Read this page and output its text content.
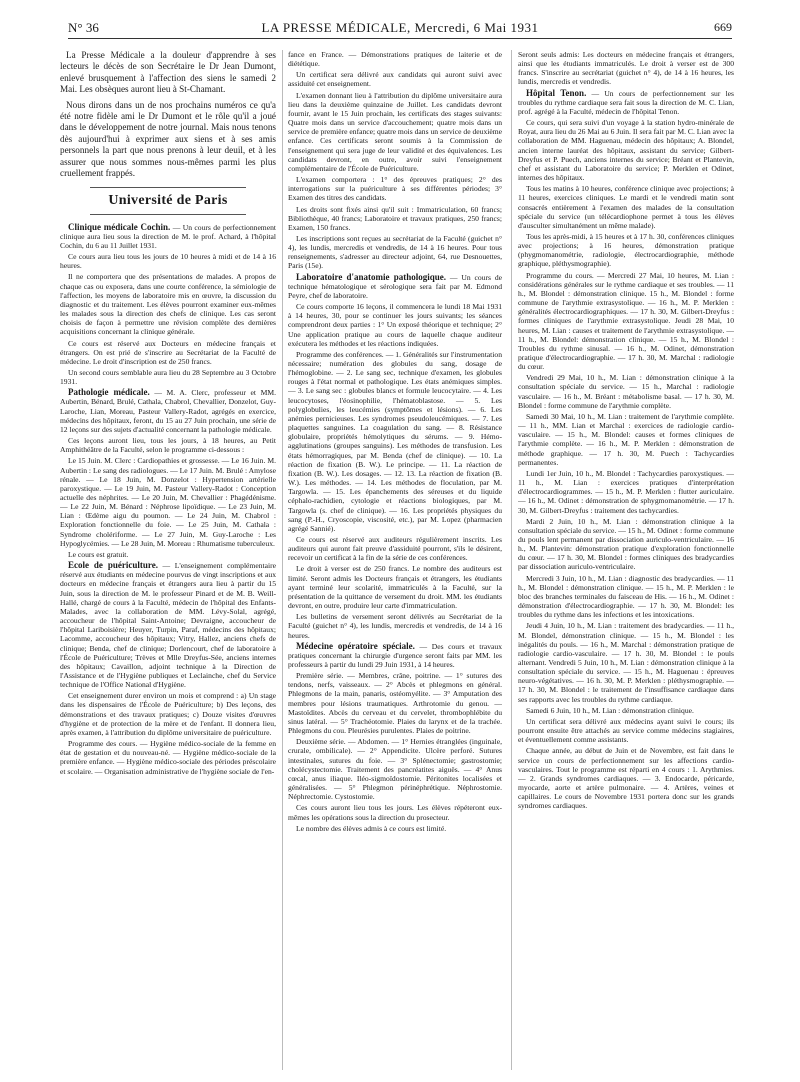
N° 36	LA PRESSE MÉDICALE, Mercredi, 6 Mai 1931	669

La Presse Médicale a la douleur d'apprendre à ses lecteurs le décès de son Secrétaire le Dr Jean Dumont, enlevé brusquement à l'affection des siens le samedi 2 Mai. Les obsèques auront lieu à St-Chamant.

Nous dirons dans un de nos prochains numéros ce qu'a été notre fidèle ami le Dr Dumont et le rôle qu'il a joué dans le développement de notre journal. Mais nous tenons dès aujourd'hui à exprimer aux siens et à ses amis personnels la part que nous prenons à leur deuil, et à les assurer que nous sommes nous-mêmes parmi les plus cruellement frappés.

Université de Paris

Clinique médicale Cochin. — Un cours de perfectionnement clinique aura lieu sous la direction de M. le prof. Achard, à l'hôpital Cochin, du 6 au 11 Juillet 1931.

Ce cours aura lieu tous les jours de 10 heures à midi et de 14 à 16 heures.

Il ne comportera que des présentations de malades. A propos de chaque cas ou exposera, dans une courte conférence, la sémiologie de l'affection, les moyens de laboratoire mis en œuvre, la discussion du diagnostic et du traitement. Les élèves pourront examiner eux-mêmes les malades sous la direction des chefs de clinique. Les cas seront choisis de façon à permettre une révision complète des dernières acquisitions concernant la clinique générale.

Ce cours est réservé aux Docteurs en médecine français et étrangers. On est prié de s'inscrire au Secrétariat de la Faculté de médecine. Le droit d'inscription est de 250 francs.

Un second cours semblable aura lieu du 28 Septembre au 3 Octobre 1931.

Pathologie médicale. — M. A. Clerc, professeur et MM. Aubertin, Bénard, Brulé, Cathala, Chabrol, Chevallier, Donzelot, Guy-Laroche, Lian, Moreau, Pasteur Vallery-Radot, agrégés en exercice, médecins des hôpitaux, feront, du 15 au 27 Juin prochain, une série de 12 leçons sur des sujets d'actualité concernant la pathologie médicale.

Ces leçons auront lieu, tous les jours, à 18 heures, au Petit Amphithéâtre de la Faculté, selon le programme ci-dessous :

Le 15 Juin. M. Clerc : Cardiopathies et grossesse. — Le 16 Juin. M. Aubertin : Le sang des radiologues. — Le 17 Juin. M. Brulé : Amylose rénale. — Le 18 Juin, M. Donzelot : Hypertension artérielle paroxystique. — Le 19 Juin, M. Pasteur Vallery-Radot : Conception actuelle des néphrites. — Le 20 Juin, M. Chevallier : Phagédénisme. — Le 22 Juin, M. Bénard : Néphrose lipoïdique. — Le 23 Juin, M. Lian : Œdème aigu du poumon. — Le 24 Juin, M. Chabrol : Exploration fonctionnelle du foie. — Le 25 Juin, M. Cathala : Syndrome cholériforme. — Le 27 Juin, M. Guy-Laroche : Les Hypoglycémies. — Le 28 Juin, M. Moreau : Rhumatisme tuberculeux.

Le cours est gratuit.

Ecole de puériculture. — L'enseignement complémentaire réservé aux étudiants en médecine pourvus de vingt inscriptions et aux docteurs en médecine français et étrangers aura lieu à partir du 15 Juin, sous la direction de M. le professeur Pinard et de M. B. Weill-Hallé, chargé de cours à la Faculté, médecin de l'hôpital des Enfants-Malades, avec la collaboration de MM. Lévy-Solal, agrégé, accoucheur de l'hôpital Saint-Antoine; Devraigne, accoucheur de l'hôpital Lariboisière; Heuyer, Turpin, Paraf, médecins des hôpitaux; Lacomme, accoucheur des hôpitaux; Vitry, Hallez, anciens chefs de clinique; Benda, chef de clinique; Dorlencourt, chef de laboratoire à l'École de Puériculture; Trèves et Mlle Dreyfus-Sée, anciens internes des hôpitaux; Cavaillon, adjoint technique à la Direction de l'Assistance et de l'Hygiène publiques et Leclainche, chef du Service technique de l'Office National d'Hygiène.

Cet enseignement durer environ un mois et comprend : a) Un stage dans les dispensaires de l'École de Puériculture; b) Des leçons, des démonstrations et des travaux pratiques; c) Douze visites d'œuvres d'hygiène et de protection de la mère et de l'enfant. Il donnera lieu, après examen, à l'attribution du diplôme universitaire de puériculture.

Programme des cours. — Hygiène médico-sociale de la femme en état de gestation et du nouveau-né. — Hygiène médico-sociale de la première enfance. — Hygiène médico-sociale des périodes préscolaire et scolaire. — Organisation administrative de l'hygiène sociale de l'en-

fance en France. — Démonstrations pratiques de laiterie et de diététique.

Un certificat sera délivré aux candidats qui auront suivi avec assiduité cet enseignement.

L'examen donnant lieu à l'attribution du diplôme universitaire aura lieu dans la deuxième quinzaine de Juillet. Les candidats devront fournir, avant le 15 Juin prochain, les certificats des stages suivants: Quatre mois dans un service d'accouchement; quatre mois dans un service de première enfance; quatre mois dans un service de deuxième enfance. Ces certificats seront soumis à la Commission de l'enseignement qui sera juge de leur validité et des équivalences. Les candidats devront, en outre, avoir suivi l'enseignement complémentaire de l'École de Puériculture.

L'examen comportera : 1° des épreuves pratiques; 2° des interrogations sur la puériculture à ses différentes périodes; 3° Examen des titres des candidats.

Les droits sont fixés ainsi qu'il suit : Immatriculation, 60 francs; Bibliothèque, 40 francs; Laboratoire et travaux pratiques, 250 francs; Examen, 150 francs.

Les inscriptions sont reçues au secrétariat de la Faculté (guichet n° 4), les lundis, mercredis et vendredis, de 14 à 16 heures. Pour tous renseignements, s'adresser au directeur adjoint, 64, rue Desnouettes, Paris (15e).

Laboratoire d'anatomie pathologique. — Un cours de technique hématologique et sérologique sera fait par M. Edmond Peyre, chef de laboratoire.

Ce cours comporte 16 leçons, il commencera le lundi 18 Mai 1931 à 14 heures, 30, pour se continuer les jours suivants; les séances comprendront deux parties : 1° Un exposé théorique et technique; 2° Une application pratique au cours de laquelle chaque auditeur exécutera les méthodes et les réactions indiquées.

Programme des conférences. — 1. Généralités sur l'instrumentation nécessaire; numération des globules du sang, dosage de l'hémoglobine. — 2. Le sang sec, technique d'examen, les globules rouges à l'état normal et pathologique. Les états anémiques simples. — 3. Le sang sec : globules blancs et formule leucocytaire. — 4. Les leucocytoses, l'éosinophilie, l'hématoblastose. — 5. Les polyglobulies, les leucémies (symptômes et lésions). — 6. Les anémies pernicieuses. Les syndromes pseudoleucémiques. — 7. Les plaquettes sanguines. La coagulation du sang. — 8. Résistance globulaire, propriétés hémolytiques du sérums. — 9. Hémo-agglutinations (groupes sanguins). Les méthodes de transfusion. Les états hémorragiques, par M. Benda (chef de clinique). — 10. La réaction de fixation (B. W.). Le principe. — 11. La réaction de fixation (B. W.). Les dosages. — 12. 13. La réaction de fixation (B. W.). Les méthodes. — 14. Les méthodes de floculation, par M. Targowla. — 15. Les épanchements des séreuses et du liquide céphalo-rachidien, cytologie et réactions biologiques, par M. Targowla (s. chef de clinique). — 16. Les propriétés physiques du sang (P.-H., Cryoscopie, viscosité, etc.), par M. Lopez (pharmacien agrégé Sannié).

Ce cours est réservé aux auditeurs régulièrement inscrits. Les auditeurs qui auront fait preuve d'assiduité pourront, s'ils le désirent, recevoir un certificat à la fin de la série de ces conférences.

Le droit à verser est de 250 francs. Le nombre des auditeurs est limité. Seront admis les Docteurs français et étrangers, les étudiants ayant terminé leur scolarité, immatriculés à la Faculté, sur la présentation de la quittance de versement du droit. MM. les étudiants devront, en outre, produire leur carte d'immatriculation.

Les bulletins de versement seront délivrés au Secrétariat de la Faculté (guichet n° 4), les lundis, mercredis et vendredis, de 14 à 16 heures.

Médecine opératoire spéciale. — Des cours et travaux pratiques concernant la chirurgie d'urgence seront faits par MM. les professeurs à partir du lundi 29 Juin 1931, à 14 heures.

Première série. — Membres, crâne, poitrine. — 1° sutures des tendons, nerfs, vaisseaux. — 2° Abcès et phlegmons en général. Phlegmons de la main, panaris, ostéomyélite. — 3° Amputation des membres pour lésions traumatiques. Arthrotomie du genou. — Mastoïdites. Abcès du cerveau et du cervelet, thrombophlébite du sinus latéral. — 5° Trachéotomie. Plaies du larynx et de la trachée. Phlegmons du cou. Pleurésies purulentes. Plaies de poitrine.

Deuxième série. — Abdomen. — 1° Hernies étranglées (inguinale, crurale, ombilicale). — 2° Appendicite. Ulcère perforé. Sutures intestinales, sutures du foie. — 3° Splénectomie; gastrostomie; cholécystectomie. Traitement des pancréatites aiguës. — 4° Anus cœcal, anus iliaque. Iléo-sigmoïdostomie. Péritonites localisées et généralisées. — 5° Phlegmon périnéphrétique. Néphrostomie. Néphrectomie. Cystostomie.

Ces cours auront lieu tous les jours. Les élèves répéteront eux-mêmes les opérations sous la direction du prosecteur.

Le nombre des élèves admis à ce cours est limité.

Seront seuls admis: Les docteurs en médecine français et étrangers, ainsi que les étudiants immatriculés. Le droit à verser est de 300 francs. S'inscrire au secrétariat (guichet n° 4), de 14 à 16 heures, les lundis, mercredis et vendredis.

Hôpital Tenon. — Un cours de perfectionnement sur les troubles du rythme cardiaque sera fait sous la direction de M. C. Lian, prof. agrégé à la Faculté, médecin de l'hôpital Tenon.

Ce cours, qui sera suivi d'un voyage à la station hydro-minérale de Royat, aura lieu du 26 Mai au 6 Juin. Il sera fait par M. C. Lian avec la collaboration de MM. Haguenau, médecin des hôpitaux; A. Blondel, ancien interne lauréat des hôpitaux, assistant du service; Gilbert-Dreyfus et P. Puech, anciens internes du service; Bréant et Plantevin, chef et assistant du Laboratoire du service; P. Merklen et Odinet, internes des hôpitaux.

Tous les matins à 10 heures, conférence clinique avec projections; à 11 heures, exercices cliniques. Le mardi et le vendredi matin sont consacrés entièrement à l'examen des malades de la consultation spéciale du service (un télécardiophone permet à tous les élèves d'ausculter simultanément un même malade).

Tous les après-midi, à 15 heures et à 17 h. 30, conférences cliniques avec projections; à 16 heures, démonstration pratique (phygmomanométrie, radiologie, électrocardiographie, méthode graphique, pléthysmographie).

Programme du cours. — Mercredi 27 Mai, 10 heures, M. Lian : considérations générales sur le rythme cardiaque et ses troubles. — 11 h., M. Blondel : démonstration clinique. 15 h., M. Blondel : forme commune de l'arythmie extrasystolique. — 16 h., M. P. Merklen : généralités électrocardiographiques. — 17 h. 30, M. Gilbert-Dreyfus : formes cliniques de l'arythmie extrasystolique. Jeudi 28 Mai, 10 heures, M. Lian : causes et traitement de l'arythmie extrasystolique. — 11 h., M. Blondel: démonstration clinique. — 15 h., M. Blondel : Troubles du rythme sinusal. — 16 h., M. Odinet, démonstration pratique d'électrocardiographie. — 17 h. 30, M. Marchal : radiologie du cœur.

Vendredi 29 Mai, 10 h., M. Lian : démonstration clinique à la consultation spéciale du service. — 15 h., Marchal : radiologie vasculaire. — 16 h., M. Bréant : métabolisme basal. — 17 h. 30, M. Blondel : forme commune de l'arythmie complète.

Samedi 30 Mai, 10 h., M. Lian : traitement de l'arythmie complète. — 11 h., MM. Lian et Marchal : exercices de radiologie cardio-vasculaire. — 15 h., M. Blondel: causes et formes cliniques de l'arythmie complète. — 16 h., M. P. Merklen : démonstration de méthode graphique. — 17 h. 30, M. Puech : Tachycardies permanentes.

Lundi 1er Juin, 10 h., M. Blondel : Tachycardies paroxystiques. — 11 h., M. Lian : exercices pratiques d'interprétation d'électrocardiogrammes. — 15 h., M. P. Merklen : flutter auriculaire. — 16 h., M. Odinet : démonstration de sphygmomanométrie. — 17 h. 30, M. Gilbert-Dreyfus : traitement des tachycardies.

Mardi 2 Juin, 10 h., M. Lian : démonstration clinique à la consultation spéciale du service. — 15 h., M. Odinet : forme commune du pouls lent permanent par dissociation auriculo-ventriculaire. — 16 h., M. Plantevin: démonstration pratique d'exploration fonctionnelle du cœur. — 17 h. 30, M. Blondel : formes cliniques des bradycardies par dissociation auriculo-ventriculaire.

Mercredi 3 Juin, 10 h., M. Lian : diagnostic des bradycardies. — 11 h., M. Blondel : démonstration clinique. — 15 h., M. P. Merklen : le bloc des branches terminales du faisceau de His. — 16 h., M. Odinet : démonstration d'électrocardiographie. — 17 h. 30, M. Blondel: les troubles du rythme dans les infections et les intoxications.

Jeudi 4 Juin, 10 h., M. Lian : traitement des bradycardies. — 11 h., M. Blondel, démonstration clinique. — 15 h., M. Blondel : les inégalités du pouls. — 16 h., M. Marchal : démonstration pratique de radiologie cardio-vasculaire. — 17 h. 30, M. Blondel : le pouls alternant. Vendredi 5 Juin, 10 h., M. Lian : démonstration clinique à la consultation spéciale du service. — 15 h., M. Haguenau : épreuves neuro-végétatives. — 16 h. 30, M. P. Merklen : pléthysmographie. — 17 h. 30, M. Blondel : le traitement de l'insuffisance cardiaque dans ses rapports avec les troubles du rythme cardiaque.

Samedi 6 Juin, 10 h., M. Lian : démonstration clinique.

Un certificat sera délivré aux médecins ayant suivi le cours; ils pourront ensuite être attachés au service comme médecins stagiaires, et éventuellement comme assistants.

Chaque année, au début de Juin et de Novembre, est fait dans le service un cours de perfectionnement sur les affections cardio-vasculaires. Tout le programme est réparti en 4 cours : 1. Arythmies. — 2. Grands syndromes cardiaques. — 3. Endocarde, péricarde, myocarde, aorte et artère pulmonaire. — 4. Artères, veines et capillaires. Le cours de Novembre 1931 portera donc sur les grands syndromes cardiaques.
